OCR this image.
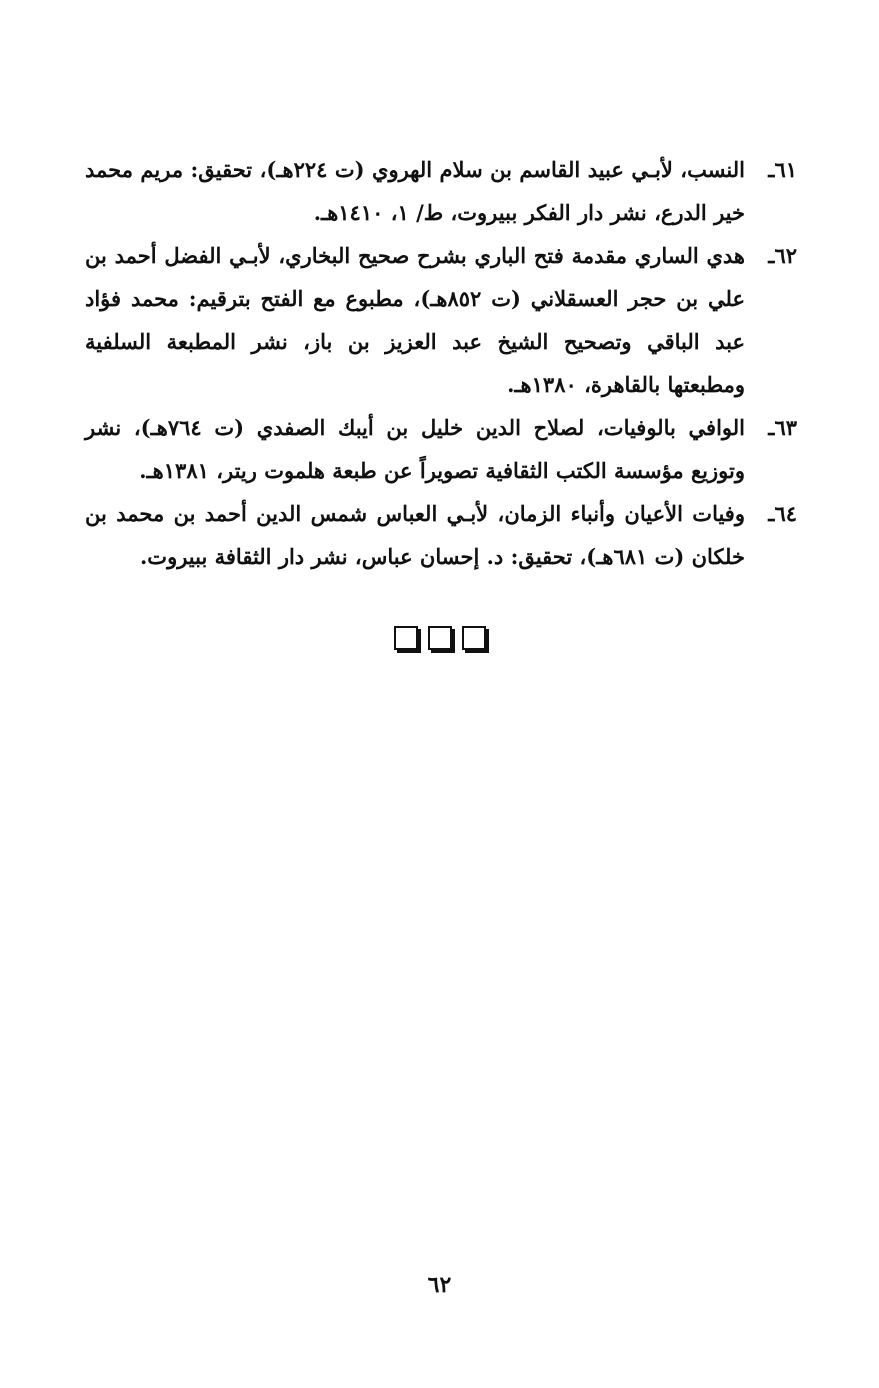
٦١ـ
النسب، لأبـي عبيد القاسم بن سلام الهروي (ت ٢٢٤هـ)، تحقيق: مريم محمد خير الدرع، نشر دار الفكر ببيروت، ط/ ١، ١٤١٠هـ.
٦٢ـ
هدي الساري مقدمة فتح الباري بشرح صحيح البخاري، لأبـي الفضل أحمد بن علي بن حجر العسقلاني (ت ٨٥٢هـ)، مطبوع مع الفتح بترقيم: محمد فؤاد عبد الباقي وتصحيح الشيخ عبد العزيز بن باز، نشر المطبعة السلفية ومطبعتها بالقاهرة، ١٣٨٠هـ.
٦٣ـ
الوافي بالوفيات، لصلاح الدين خليل بن أيبك الصفدي (ت ٧٦٤هـ)، نشر وتوزيع مؤسسة الكتب الثقافية تصويراً عن طبعة هلموت ريتر، ١٣٨١هـ.
٦٤ـ
وفيات الأعيان وأنباء الزمان، لأبـي العباس شمس الدين أحمد بن محمد بن خلكان (ت ٦٨١هـ)، تحقيق: د. إحسان عباس، نشر دار الثقافة ببيروت.
٦٢
